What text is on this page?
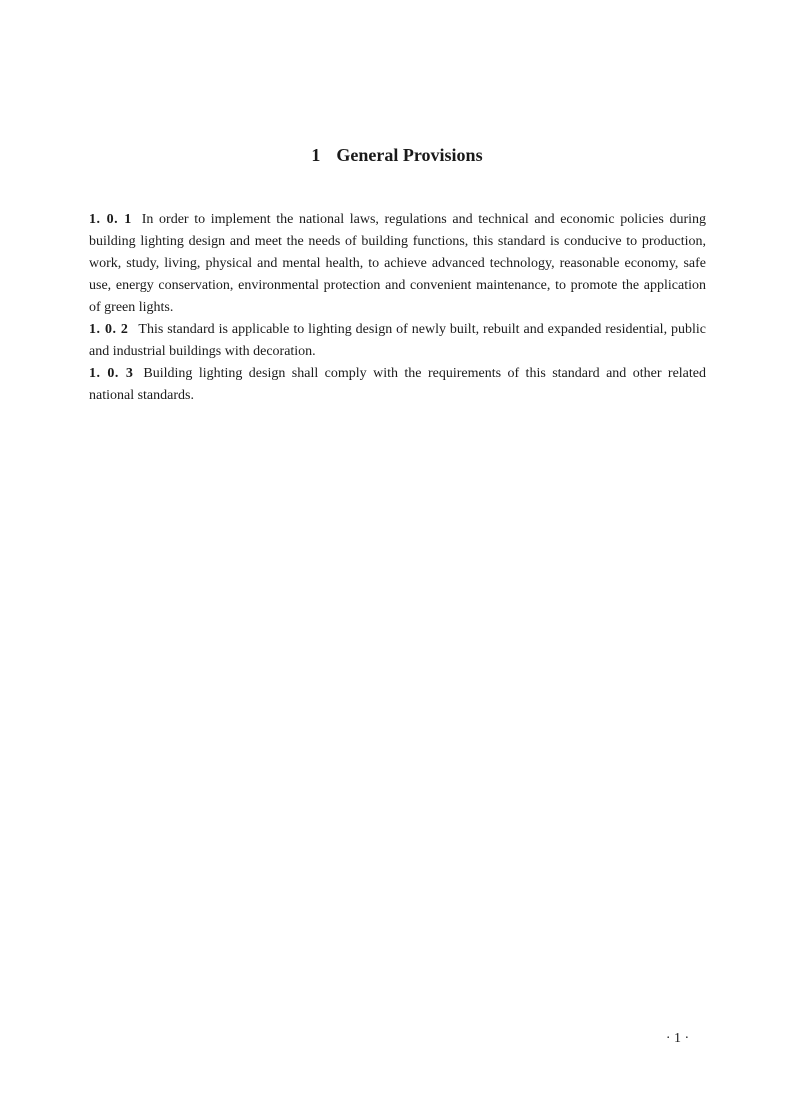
1 General Provisions

1. 0. 1 In order to implement the national laws, regulations and technical and economic policies during building lighting design and meet the needs of building functions, this standard is conducive to production, work, study, living, physical and mental health, to achieve advanced technology, reasonable economy, safe use, energy conservation, environmental protection and convenient maintenance, to promote the application of green lights.

1. 0. 2 This standard is applicable to lighting design of newly built, rebuilt and expanded residential, public and industrial buildings with decoration.

1. 0. 3 Building lighting design shall comply with the requirements of this standard and other related national standards.

· 1 ·
